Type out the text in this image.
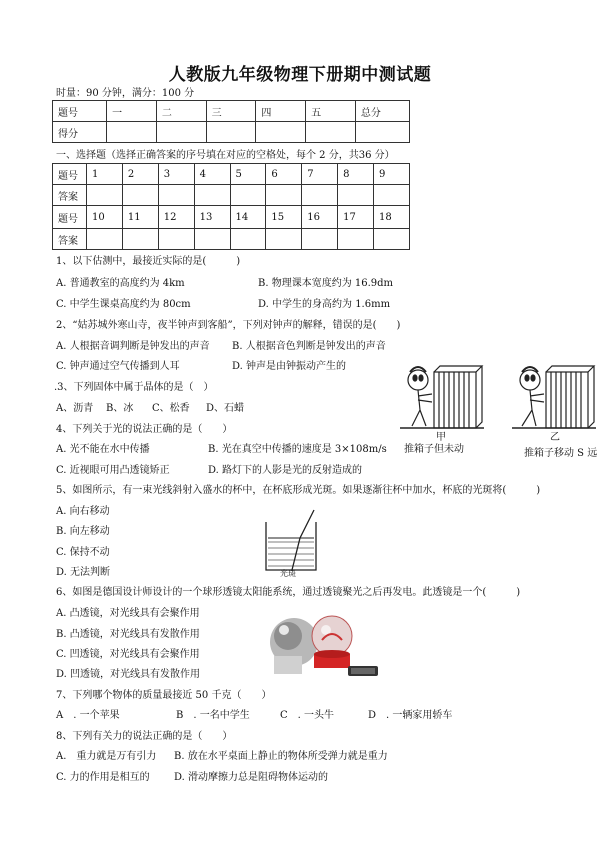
人教版九年级物理下册期中测试题
时量：90 分钟，满分：100 分
题号	一	二	三	四	五	总分
得分						
一、选择题（选择正确答案的序号填在对应的空格处，每个 2 分，共36 分）
题号	1	2	3	4	5	6	7	8	9
答案									
题号	10	11	12	13	14	15	16	17	18
答案									
1、以下估测中，最接近实际的是(　　　)
A. 普通教室的高度约为 4km	B. 物理课本宽度约为 16.9dm
C. 中学生课桌高度约为 80cm	D. 中学生的身高约为 1.6mm
2、“姑苏城外寒山寺，夜半钟声到客船”，下列对钟声的解释，错误的是(　　)
A. 人根据音调判断是钟发出的声音 B. 人根据音色判断是钟发出的声音
C. 钟声通过空气传播到人耳	D. 钟声是由钟振动产生的
.3、下列固体中属于晶体的是（　）
A、沥青 B、冰 C、松香 D、石蜡
甲	乙
推箱子但未动	推箱子移动 S 远
4、下列关于光的说法正确的是（　　）
A. 光不能在水中传播	B. 光在真空中传播的速度是 3×108m/s
C. 近视眼可用凸透镜矫正	D. 路灯下的人影是光的反射造成的
5、如图所示，有一束光线斜射入盛水的杯中，在杯底形成光斑。如果逐渐往杯中加水，杯底的光斑将(　　　)
A. 向右移动
B. 向左移动
C. 保持不动
D. 无法判断	光斑
6、如图是德国设计师设计的一个球形透镜太阳能系统，通过透镜聚光之后再发电。此透镜是一个(　　　)
A. 凸透镜，对光线具有会聚作用
B. 凸透镜，对光线具有发散作用
C. 凹透镜，对光线具有会聚作用
D. 凹透镜，对光线具有发散作用
7、下列哪个物体的质量最接近 50 千克（　　）
A　. 一个苹果	B　. 一名中学生	C　. 一头牛	D　. 一辆家用轿车
8、下列有关力的说法正确的是（　　）
A.　重力就是万有引力 B. 放在水平桌面上静止的物体所受弹力就是重力
C. 力的作用是相互的 D. 滑动摩擦力总是阻碍物体运动的
